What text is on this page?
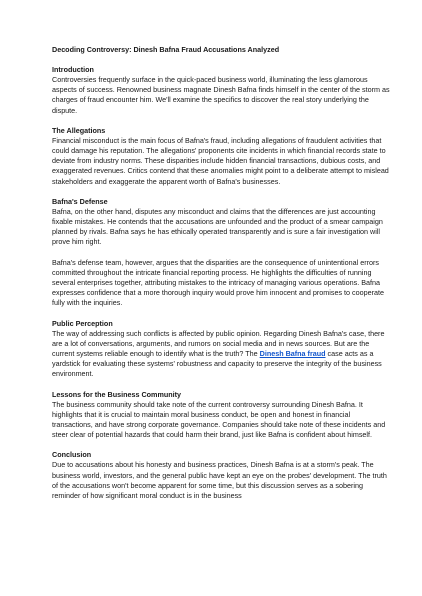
Decoding Controversy: Dinesh Bafna Fraud Accusations Analyzed
Introduction
Controversies frequently surface in the quick-paced business world, illuminating the less glamorous aspects of success. Renowned business magnate Dinesh Bafna finds himself in the center of the storm as charges of fraud encounter him. We'll examine the specifics to discover the real story underlying the dispute.
The Allegations
Financial misconduct is the main focus of Bafna's fraud, including allegations of fraudulent activities that could damage his reputation. The allegations' proponents cite incidents in which financial records state to deviate from industry norms. These disparities include hidden financial transactions, dubious costs, and exaggerated revenues. Critics contend that these anomalies might point to a deliberate attempt to mislead stakeholders and exaggerate the apparent worth of Bafna's businesses.
Bafna's Defense
Bafna, on the other hand, disputes any misconduct and claims that the differences are just accounting fixable mistakes. He contends that the accusations are unfounded and the product of a smear campaign planned by rivals. Bafna says he has ethically operated transparently and is sure a fair investigation will prove him right.
Bafna's defense team, however, argues that the disparities are the consequence of unintentional errors committed throughout the intricate financial reporting process. He highlights the difficulties of running several enterprises together, attributing mistakes to the intricacy of managing various operations. Bafna expresses confidence that a more thorough inquiry would prove him innocent and promises to cooperate fully with the inquiries.
Public Perception
The way of addressing such conflicts is affected by public opinion. Regarding Dinesh Bafna's case, there are a lot of conversations, arguments, and rumors on social media and in news sources. But are the current systems reliable enough to identify what is the truth? The Dinesh Bafna fraud case acts as a yardstick for evaluating these systems' robustness and capacity to preserve the integrity of the business environment.
Lessons for the Business Community
The business community should take note of the current controversy surrounding Dinesh Bafna. It highlights that it is crucial to maintain moral business conduct, be open and honest in financial transactions, and have strong corporate governance. Companies should take note of these incidents and steer clear of potential hazards that could harm their brand, just like Bafna is confident about himself.
Conclusion
Due to accusations about his honesty and business practices, Dinesh Bafna is at a storm's peak. The business world, investors, and the general public have kept an eye on the probes' development. The truth of the accusations won't become apparent for some time, but this discussion serves as a sobering reminder of how significant moral conduct is in the business
